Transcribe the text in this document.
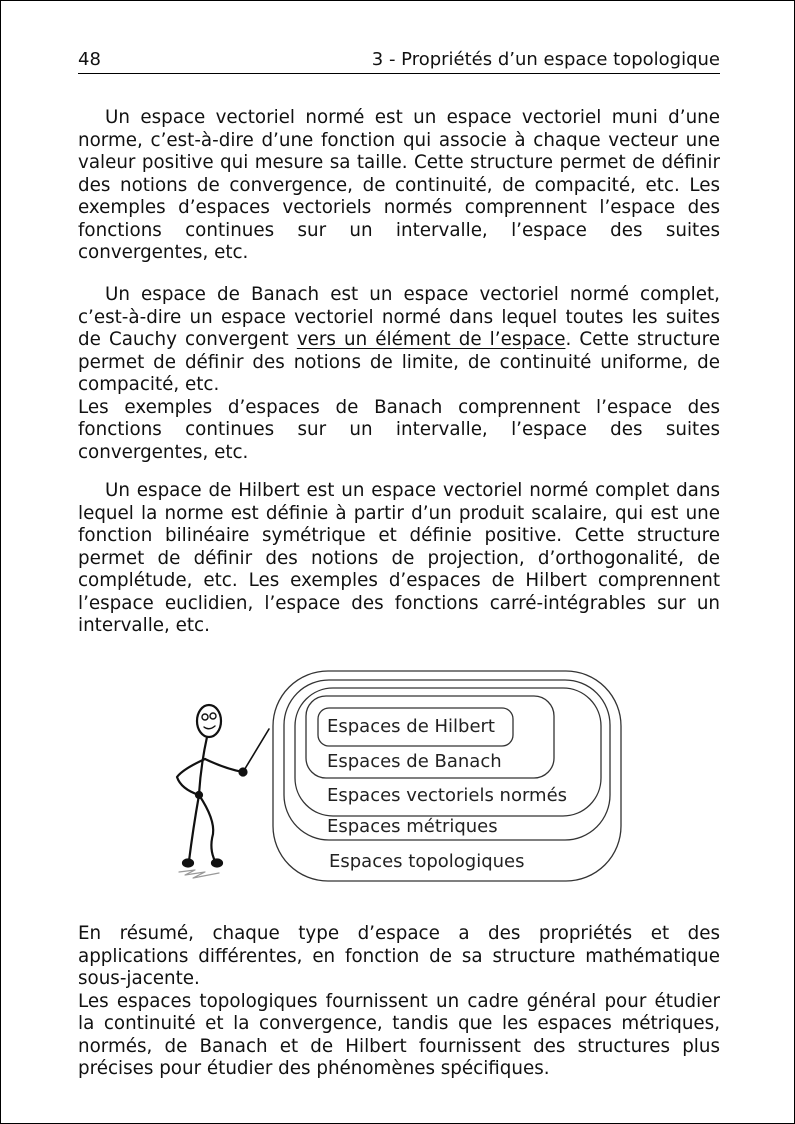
48	3 - Propriétés d’un espace topologique

Un espace vectoriel normé est un espace vectoriel muni d’une norme, c’est-à-dire d’une fonction qui associe à chaque vecteur une valeur positive qui mesure sa taille. Cette structure permet de définir des notions de convergence, de continuité, de compacité, etc. Les exemples d’espaces vectoriels normés comprennent l’espace des fonctions continues sur un intervalle, l’espace des suites convergentes, etc.

Un espace de Banach est un espace vectoriel normé complet, c’est-à-dire un espace vectoriel normé dans lequel toutes les suites de Cauchy convergent vers un élément de l’espace. Cette structure permet de définir des notions de limite, de continuité uniforme, de compacité, etc.
Les exemples d’espaces de Banach comprennent l’espace des fonctions continues sur un intervalle, l’espace des suites convergentes, etc.

Un espace de Hilbert est un espace vectoriel normé complet dans lequel la norme est définie à partir d’un produit scalaire, qui est une fonction bilinéaire symétrique et définie positive. Cette structure permet de définir des notions de projection, d’orthogonalité, de complétude, etc. Les exemples d’espaces de Hilbert comprennent l’espace euclidien, l’espace des fonctions carré-intégrables sur un intervalle, etc.

Espaces de Hilbert
Espaces de Banach
Espaces vectoriels normés
Espaces métriques
Espaces topologiques
En résumé, chaque type d’espace a des propriétés et des applications différentes, en fonction de sa structure mathématique sous-jacente.
Les espaces topologiques fournissent un cadre général pour étudier la continuité et la convergence, tandis que les espaces métriques, normés, de Banach et de Hilbert fournissent des structures plus précises pour étudier des phénomènes spécifiques.
